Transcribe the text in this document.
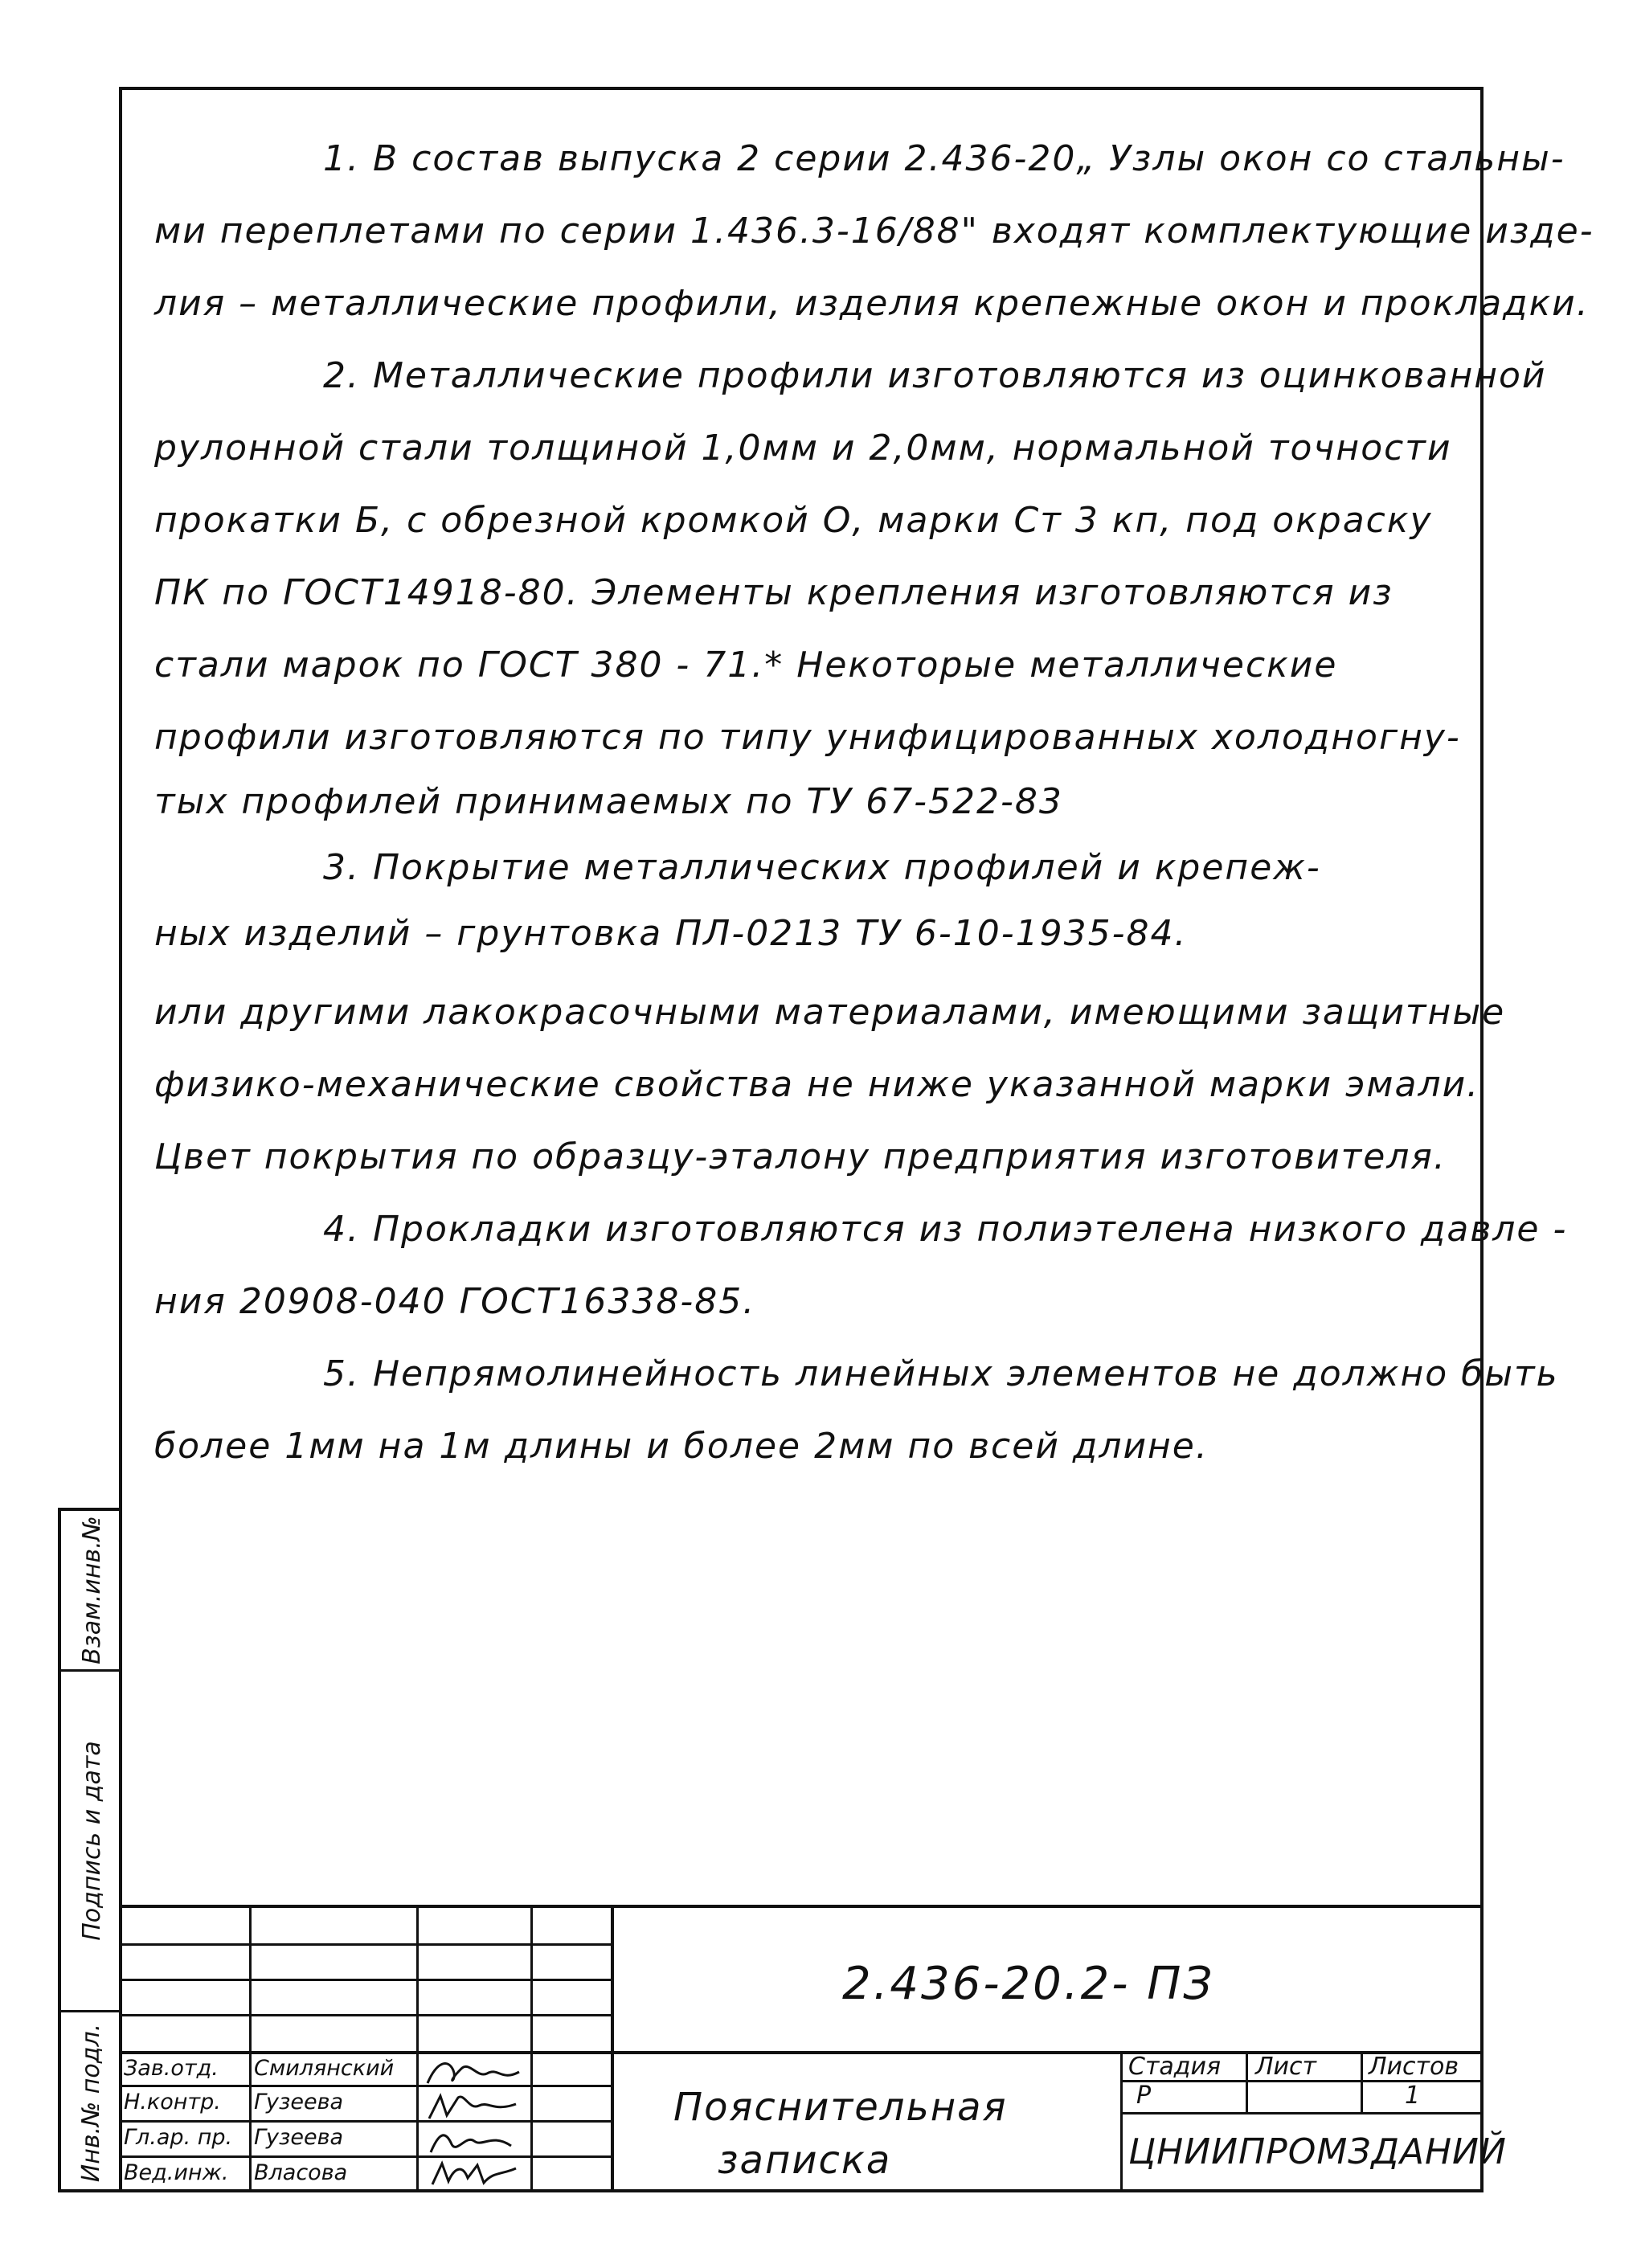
1. В состав выпуска 2 серии 2.436-20„ Узлы окон со стальны-
ми переплетами по серии 1.436.3-16/88" входят комплектующие изде-
лия – металлические профили, изделия крепежные окон и прокладки.
2. Металлические профили изготовляются из оцинкованной
рулонной стали толщиной 1,0мм и 2,0мм, нормальной точности
прокатки Б, с обрезной кромкой О, марки Ст 3 кп, под окраску
ПК по ГОСТ14918-80. Элементы крепления изготовляются из
стали марок по ГОСТ 380 - 71.* Некоторые металлические
профили изготовляются по типу унифицированных холодногну-
тых профилей принимаемых по ТУ 67-522-83
3. Покрытие металлических профилей и крепеж-
ных изделий – грунтовка ПЛ-0213 ТУ 6-10-1935-84.
или другими лакокрасочными материалами, имеющими защитные
физико-механические свойства не ниже указанной марки эмали.
Цвет покрытия по образцу-эталону предприятия изготовителя.
4. Прокладки изготовляются из полиэтелена низкого давле -
ния 20908-040 ГОСТ16338-85.
5. Непрямолинейность линейных элементов не должно быть
более 1мм на 1м длины и более 2мм по всей длине.
Взам.инв.№
Подпись и дата
Инв.№ подл.
2.436-20.2- ПЗ
Пояснительная
записка
Стадия Лист Листов
Р	1
ЦНИИПРОМЗДАНИЙ
Зав.отд. Смилянский
Н.контр. Гузеева
Гл.ар. пр. Гузеева
Вед.инж. Власова
